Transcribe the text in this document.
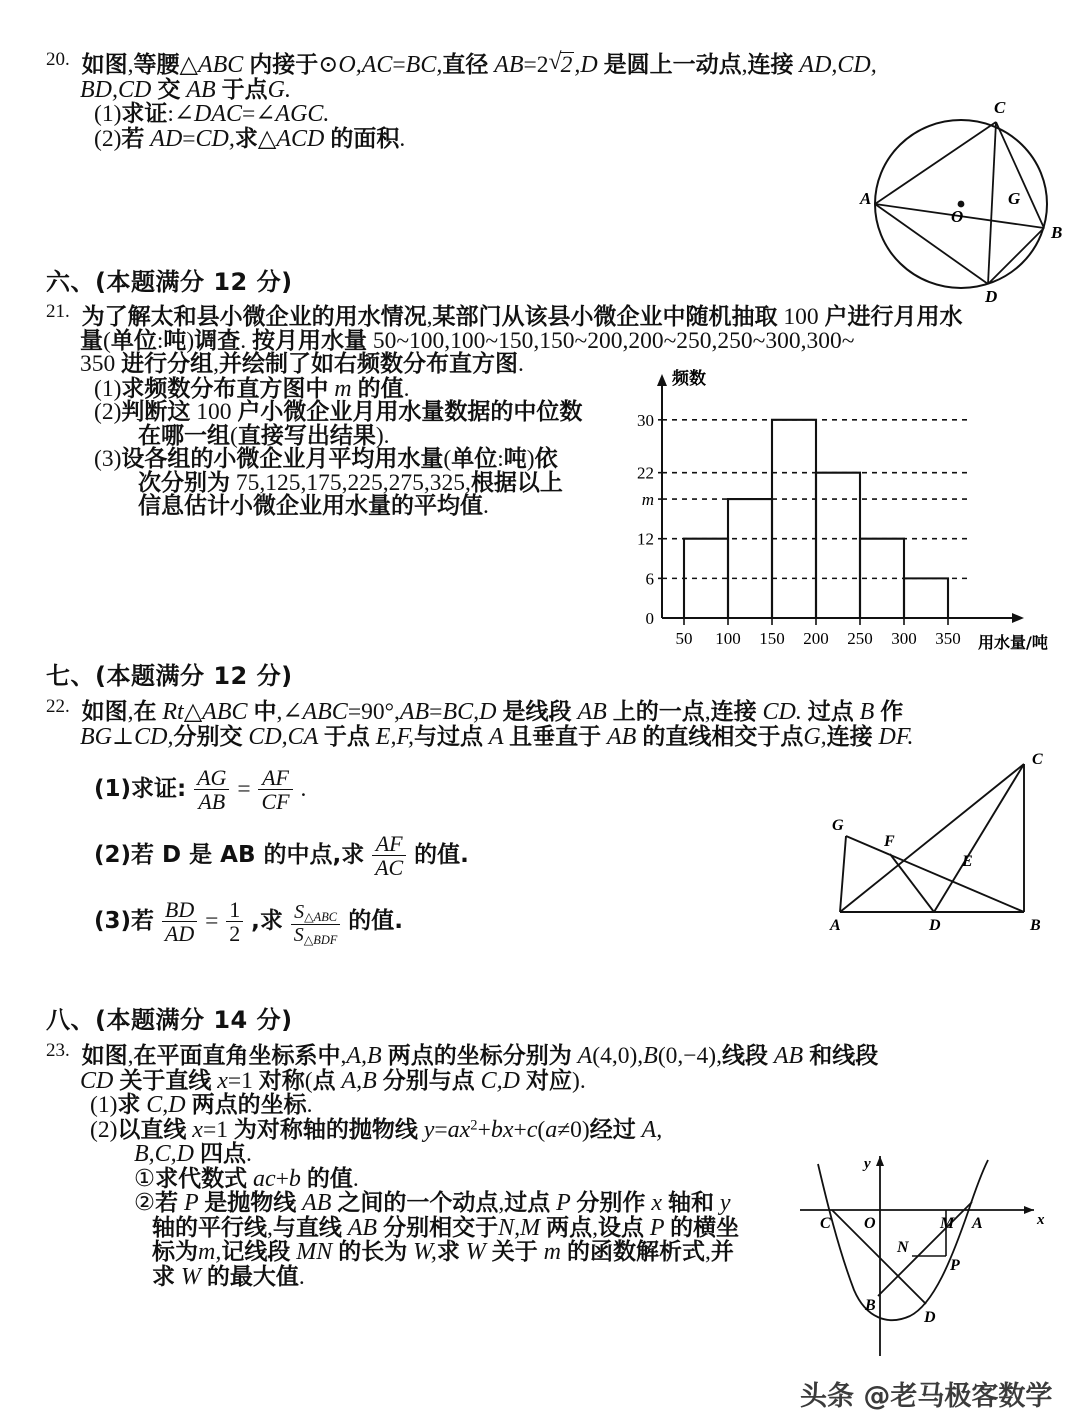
$^{20.}$ 如图,等腰△ABC 内接于⊙O,AC=BC,直径 AB=2 √ 2,D 是圆上一动点,连接 AD,CD,
BD,CD 交 AB 于点G.
(1)求证:∠DAC=∠AGC.
(2)若 AD=CD,求△ACD 的面积.
A
B
C
D
O
G
六、(本题满分 12 分)
$^{21.}$ 为了解太和县小微企业的用水情况,某部门从该县小微企业中随机抽取 100 户进行月用水
量(单位:吨)调查. 按月用水量 50~100,100~150,150~200,200~250,250~300,300~
350 进行分组,并绘制了如右频数分布直方图.
(1)求频数分布直方图中 m 的值.
(2)判断这 100 户小微企业月用水量数据的中位数
在哪一组(直接写出结果).
(3)设各组的小微企业月平均用水量(单位:吨)依
次分别为 75,125,175,225,275,325,根据以上
信息估计小微企业用水量的平均值.
频数
0
6
12
m
22
30
50 100 150 200 250 300 350 用水量/吨
七、(本题满分 12 分)
$^{22.}$ 如图,在 Rt△ABC 中,∠ABC=90°,AB=BC,D 是线段 AB 上的一点,连接 CD. 过点 B 作
BG⊥CD,分别交 CD,CA 于点 E,F,与过点 A 且垂直于 AB 的直线相交于点G,连接 DF.
(1)求证: $\frac{AG}{AB} = \frac{AF}{CF}$ .
(2)若 D 是 AB 的中点,求 $\frac{AF}{AC}$ 的值.
(3)若 $\frac{BD}{AD} = \frac{1}{2}$ ,求 $\frac{S_{\triangle ABC}}{S_{\triangle BDF}}$ 的值.	A	B
C
D
E
F
G
八、(本题满分 14 分)
$^{23.}$ 如图,在平面直角坐标系中,A,B 两点的坐标分别为 A(4,0),B(0,−4),线段 AB 和线段
CD 关于直线 x=1 对称(点 A,B 分别与点 C,D 对应).
(1)求 C,D 两点的坐标.
(2)以直线 x=1 为对称轴的抛物线 $y=ax^2+bx+c(a\ne 0)$经过 A,
B,C,D 四点.
①求代数式 ac+b 的值.
②若 P 是抛物线 AB 之间的一个动点,过点 P 分别作 x 轴和 y
轴的平行线,与直线 AB 分别相交于N,M 两点,设点 P 的横坐
标为m,记线段 MN 的长为 W,求 W 关于 m 的函数解析式,并
求 W 的最大值.
x
y
O	A
B
C
D
M
N
P
头条 @老马极客数学
